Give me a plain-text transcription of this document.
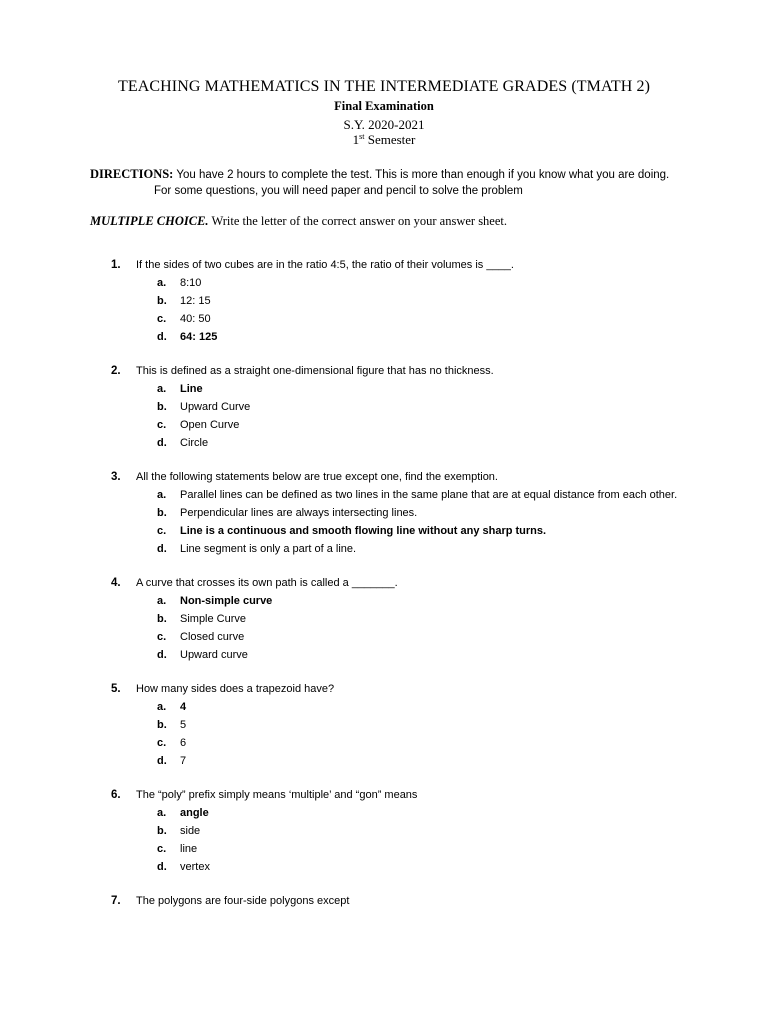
TEACHING MATHEMATICS IN THE INTERMEDIATE GRADES (TMATH 2)
Final Examination
S.Y. 2020-2021
1st Semester
DIRECTIONS: You have 2 hours to complete the test. This is more than enough if you know what you are doing.
For some questions, you will need paper and pencil to solve the problem
MULTIPLE CHOICE. Write the letter of the correct answer on your answer sheet.
1. If the sides of two cubes are in the ratio 4:5, the ratio of their volumes is ____.
a. 8:10
b. 12: 15
c. 40: 50
d. 64: 125
2. This is defined as a straight one-dimensional figure that has no thickness.
a. Line
b. Upward Curve
c. Open Curve
d. Circle
3. All the following statements below are true except one, find the exemption.
a. Parallel lines can be defined as two lines in the same plane that are at equal distance from each other.
b. Perpendicular lines are always intersecting lines.
c. Line is a continuous and smooth flowing line without any sharp turns.
d. Line segment is only a part of a line.
4. A curve that crosses its own path is called a _______.
a. Non-simple curve
b. Simple Curve
c. Closed curve
d. Upward curve
5. How many sides does a trapezoid have?
a. 4
b. 5
c. 6
d. 7
6. The “poly” prefix simply means ‘multiple’ and “gon” means
a. angle
b. side
c. line
d. vertex
7. The polygons are four-side polygons except
